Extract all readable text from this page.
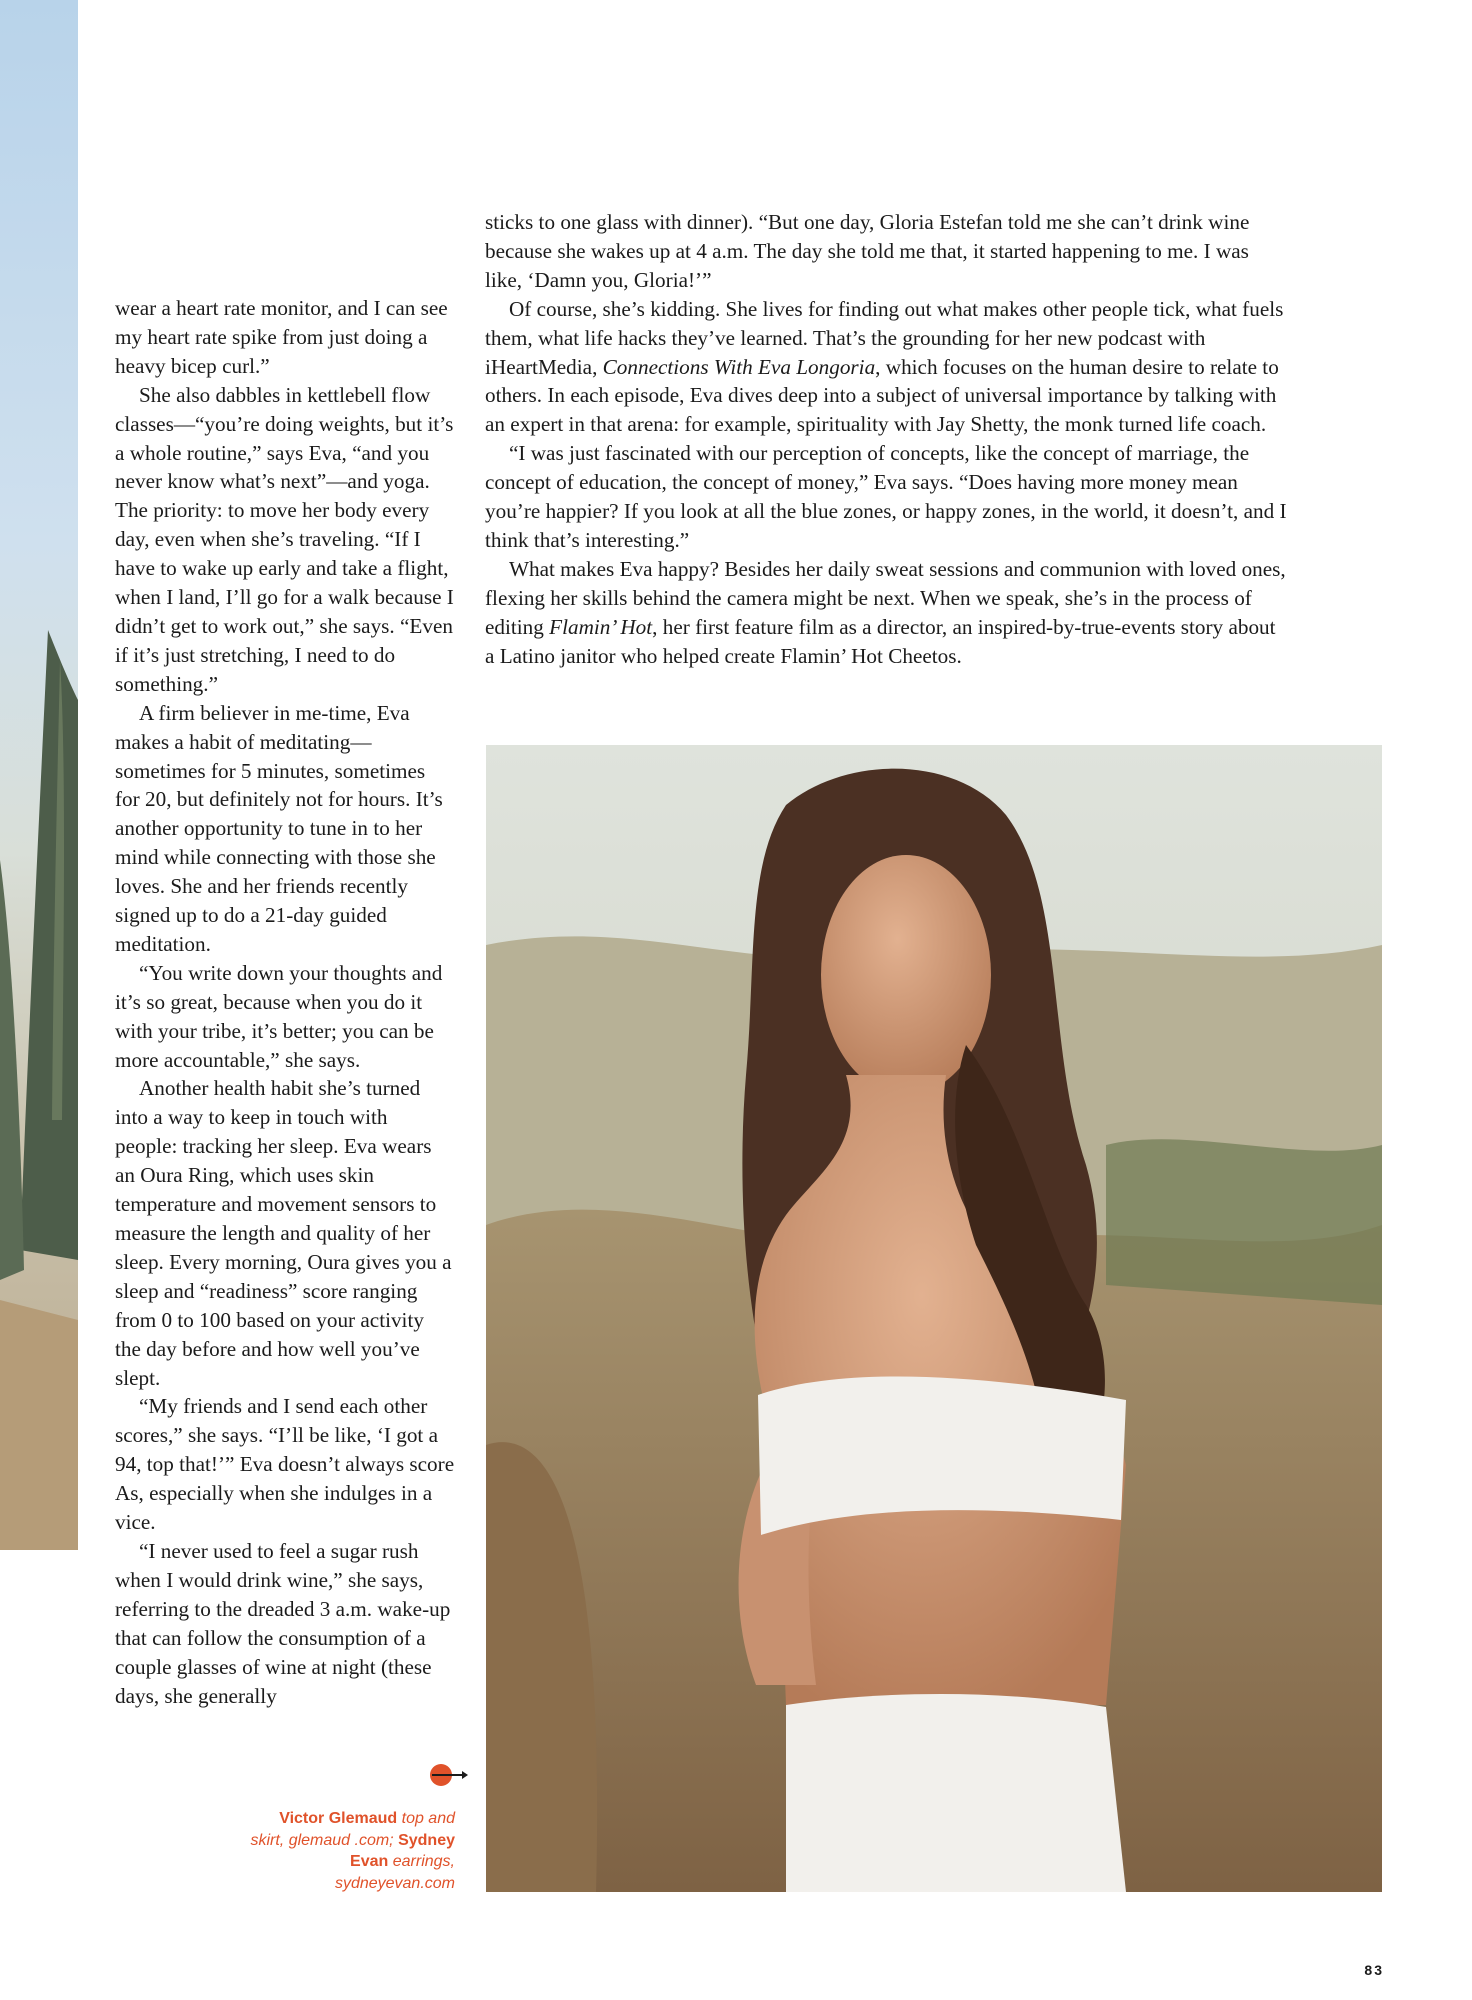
wear a heart rate monitor, and I can see my heart rate spike from just doing a heavy bicep curl.”

She also dabbles in kettlebell flow classes—“you’re doing weights, but it’s a whole routine,” says Eva, “and you never know what’s next”—and yoga. The priority: to move her body every day, even when she’s traveling. “If I have to wake up early and take a flight, when I land, I’ll go for a walk because I didn’t get to work out,” she says. “Even if it’s just stretching, I need to do something.”

A firm believer in me-time, Eva makes a habit of meditating—sometimes for 5 minutes, sometimes for 20, but definitely not for hours. It’s another opportunity to tune in to her mind while connecting with those she loves. She and her friends recently signed up to do a 21-day guided meditation.

“You write down your thoughts and it’s so great, because when you do it with your tribe, it’s better; you can be more accountable,” she says.

Another health habit she’s turned into a way to keep in touch with people: tracking her sleep. Eva wears an Oura Ring, which uses skin temperature and movement sensors to measure the length and quality of her sleep. Every morning, Oura gives you a sleep and “readiness” score ranging from 0 to 100 based on your activity the day before and how well you’ve slept.

“My friends and I send each other scores,” she says. “I’ll be like, ‘I got a 94, top that!’” Eva doesn’t always score As, especially when she indulges in a vice.

“I never used to feel a sugar rush when I would drink wine,” she says, referring to the dreaded 3 a.m. wake-up that can follow the consumption of a couple glasses of wine at night (these days, she generally

sticks to one glass with dinner). “But one day, Gloria Estefan told me she can’t drink wine because she wakes up at 4 a.m. The day she told me that, it started happening to me. I was like, ‘Damn you, Gloria!’”

Of course, she’s kidding. She lives for finding out what makes other people tick, what fuels them, what life hacks they’ve learned. That’s the grounding for her new podcast with iHeartMedia, Connections With Eva Longoria, which focuses on the human desire to relate to others. In each episode, Eva dives deep into a subject of universal importance by talking with an expert in that arena: for example, spirituality with Jay Shetty, the monk turned life coach.

“I was just fascinated with our perception of concepts, like the concept of marriage, the concept of education, the concept of money,” Eva says. “Does having more money mean you’re happier? If you look at all the blue zones, or happy zones, in the world, it doesn’t, and I think that’s interesting.”

What makes Eva happy? Besides her daily sweat sessions and communion with loved ones, flexing her skills behind the camera might be next. When we speak, she’s in the process of editing Flamin’ Hot, her first feature film as a director, an inspired-by-true-events story about a Latino janitor who helped create Flamin’ Hot Cheetos.

Victor Glemaud top and skirt, glemaud .com; Sydney Evan earrings, sydneyevan.com
83
